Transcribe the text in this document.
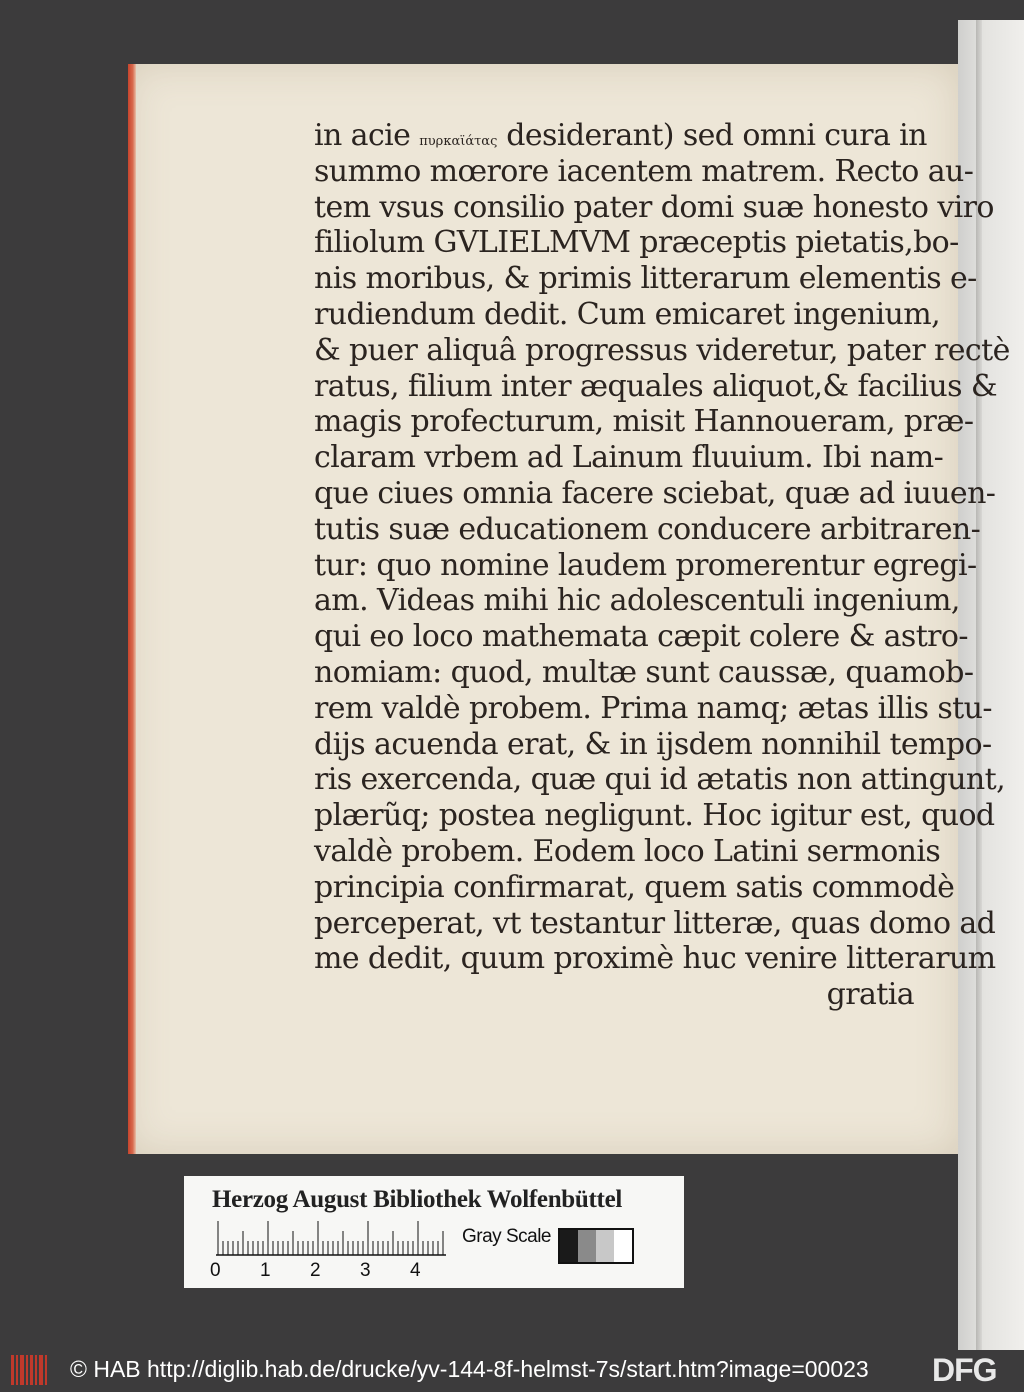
in acie πυρκαϊάτας desiderant) sed omni cura in
summo mœrore iacentem matrem. Recto au-
tem vsus consilio pater domi suæ honesto viro
filiolum GVLIELMVM præceptis pietatis,bo-
nis moribus, & primis litterarum elementis e-
rudiendum dedit. Cum emicaret ingenium,
& puer aliquâ progressus videretur, pater rectè
ratus, filium inter æquales aliquot,& facilius &
magis profecturum, misit Hannoueram, præ-
claram vrbem ad Lainum fluuium. Ibi nam-
que ciues omnia facere sciebat, quæ ad iuuen-
tutis suæ educationem conducere arbitraren-
tur: quo nomine laudem promerentur egregi-
am. Videas mihi hic adolescentuli ingenium,
qui eo loco mathemata cæpit colere & astro-
nomiam: quod, multæ sunt caussæ, quamob-
rem valdè probem. Prima namq; ætas illis stu-
dijs acuenda erat, & in ijsdem nonnihil tempo-
ris exercenda, quæ qui id ætatis non attingunt,
plærũq; postea negligunt. Hoc igitur est, quod
valdè probem. Eodem loco Latini sermonis
principia confirmarat, quem satis commodè
perceperat, vt testantur litteræ, quas domo ad
me dedit, quum proximè huc venire litterarum
gratia
Herzog August Bibliothek Wolfenbüttel
0 1 2 3 4
Gray Scale
© HAB http://diglib.hab.de/drucke/yv-144-8f-helmst-7s/start.htm?image=00023 DFG
